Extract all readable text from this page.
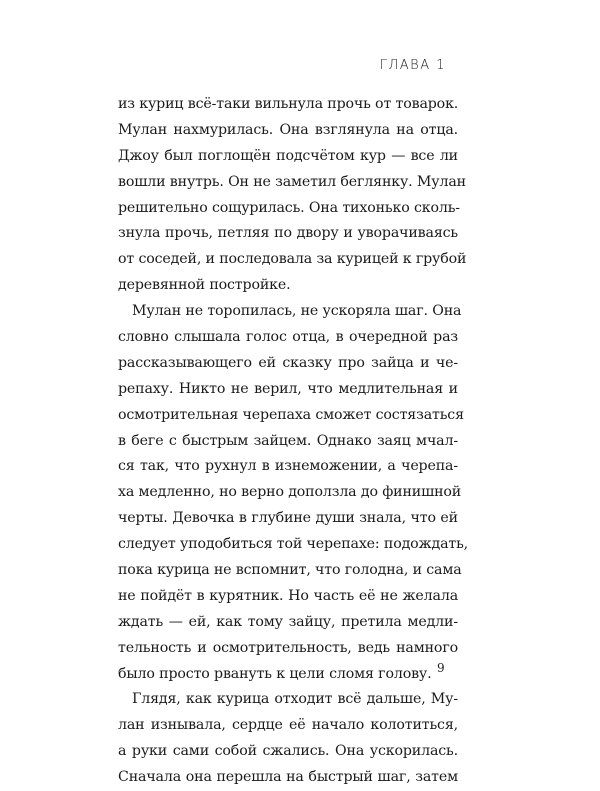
ГЛАВА 1
из куриц всё-таки вильнула прочь от товарок.
Мулан нахмурилась. Она взглянула на отца.
Джоу был поглощён подсчётом кур — все ли
вошли внутрь. Он не заметил беглянку. Мулан
решительно сощурилась. Она тихонько сколь-
знула прочь, петляя по двору и уворачиваясь
от соседей, и последовала за курицей к грубой
деревянной постройке.
Мулан не торопилась, не ускоряла шаг. Она
словно слышала голос отца, в очередной раз
рассказывающего ей сказку про зайца и че-
репаху. Никто не верил, что медлительная и
осмотрительная черепаха сможет состязаться
в беге с быстрым зайцем. Однако заяц мчал-
ся так, что рухнул в изнеможении, а черепа-
ха медленно, но верно доползла до финишной
черты. Девочка в глубине души знала, что ей
следует уподобиться той черепахе: подождать,
пока курица не вспомнит, что голодна, и сама
не пойдёт в курятник. Но часть её не желала
ждать — ей, как тому зайцу, претила медли-
тельность и осмотрительность, ведь намного
было просто рвануть к цели сломя голову.
Глядя, как курица отходит всё дальше, Му-
лан изнывала, сердце её начало колотиться,
а руки сами собой сжались. Она ускорилась.
Сначала она перешла на быстрый шаг, затем
9
